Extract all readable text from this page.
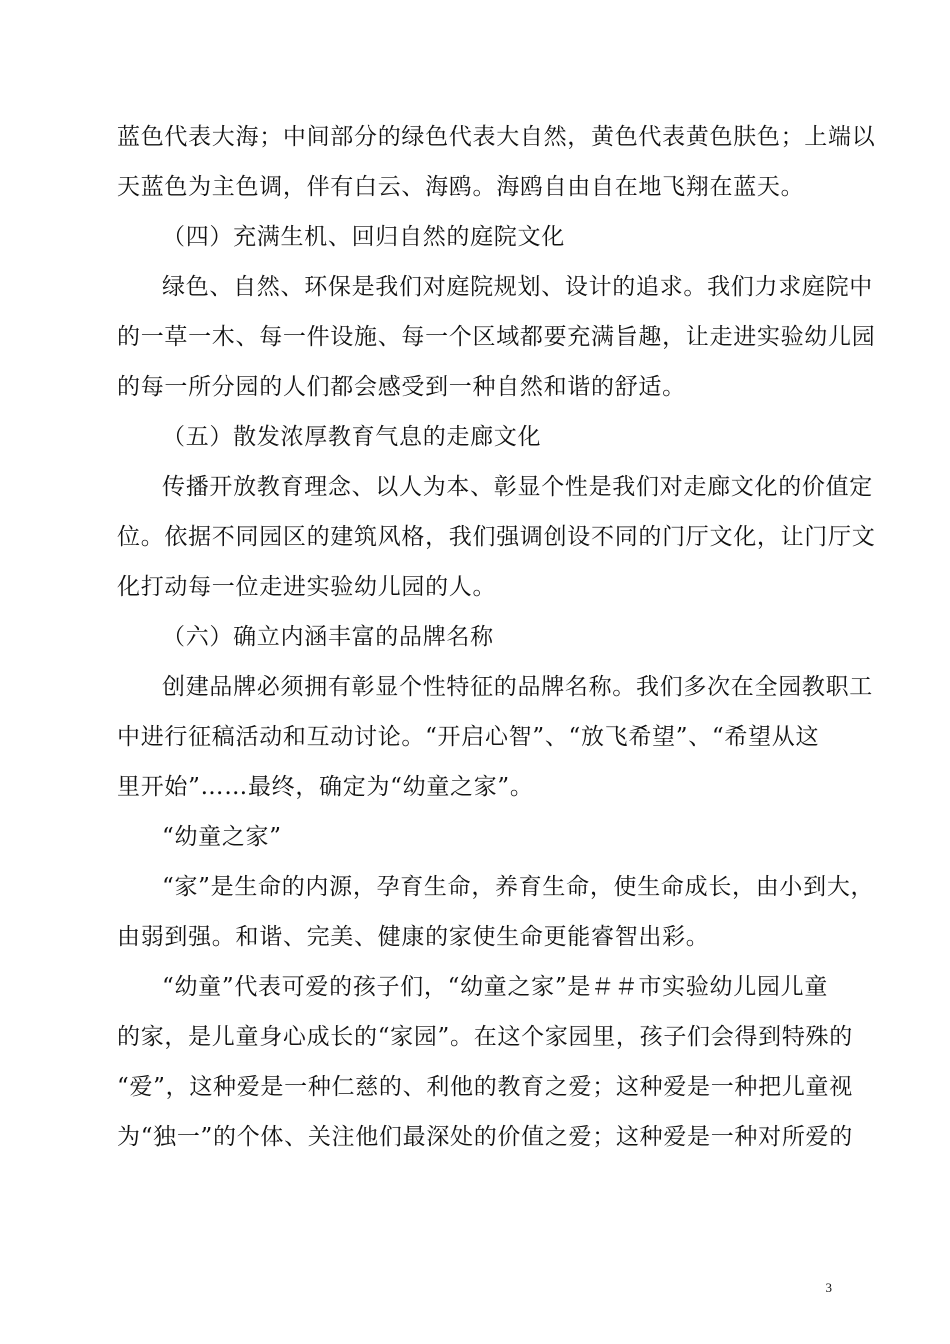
蓝色代表大海；中间部分的绿色代表大自然，黄色代表黄色肤色；上端以
天蓝色为主色调，伴有白云、海鸥。海鸥自由自在地飞翔在蓝天。
（四）充满生机、回归自然的庭院文化
绿色、自然、环保是我们对庭院规划、设计的追求。我们力求庭院中
的一草一木、每一件设施、每一个区域都要充满旨趣，让走进实验幼儿园
的每一所分园的人们都会感受到一种自然和谐的舒适。
（五）散发浓厚教育气息的走廊文化
传播开放教育理念、以人为本、彰显个性是我们对走廊文化的价值定
位。依据不同园区的建筑风格，我们强调创设不同的门厅文化，让门厅文
化打动每一位走进实验幼儿园的人。
（六）确立内涵丰富的品牌名称
创建品牌必须拥有彰显个性特征的品牌名称。我们多次在全园教职工
中进行征稿活动和互动讨论。“开启心智”、“放飞希望”、“希望从这
里开始”……最终，确定为“幼童之家”。
“幼童之家”
“家”是生命的内源，孕育生命，养育生命，使生命成长，由小到大，
由弱到强。和谐、完美、健康的家使生命更能睿智出彩。
“幼童”代表可爱的孩子们，“幼童之家”是＃＃市实验幼儿园儿童
的家，是儿童身心成长的“家园”。在这个家园里，孩子们会得到特殊的
“爱”，这种爱是一种仁慈的、利他的教育之爱；这种爱是一种把儿童视
为“独一”的个体、关注他们最深处的价值之爱；这种爱是一种对所爱的
3
